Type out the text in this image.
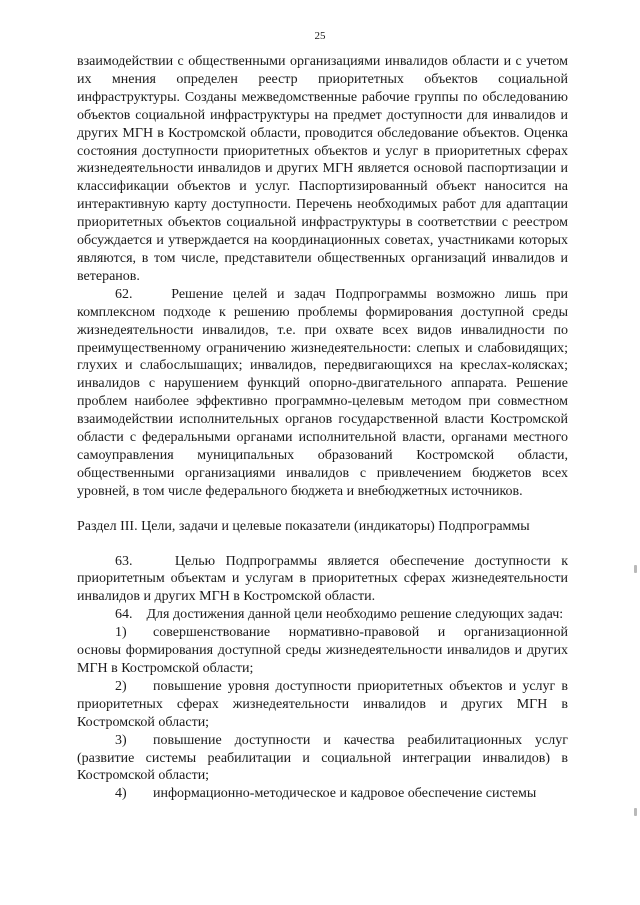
25

взаимодействии с общественными организациями инвалидов области и с учетом их мнения определен реестр приоритетных объектов социальной инфраструктуры. Созданы межведомственные рабочие группы по обследованию объектов социальной инфраструктуры на предмет доступности для инвалидов и других МГН в Костромской области, проводится обследование объектов. Оценка состояния доступности приоритетных объектов и услуг в приоритетных сферах жизнедеятельности инвалидов и других МГН является основой паспортизации и классификации объектов и услуг. Паспортизированный объект наносится на интерактивную карту доступности. Перечень необходимых работ для адаптации приоритетных объектов социальной инфраструктуры в соответствии с реестром обсуждается и утверждается на координационных советах, участниками которых являются, в том числе, представители общественных организаций инвалидов и ветеранов.

62.    Решение целей и задач Подпрограммы возможно лишь при комплексном подходе к решению проблемы формирования доступной среды жизнедеятельности инвалидов, т.е. при охвате всех видов инвалидности по преимущественному ограничению жизнедеятельности: слепых и слабовидящих; глухих и слабослышащих; инвалидов, передвигающихся на креслах-колясках; инвалидов с нарушением функций опорно-двигательного аппарата. Решение проблем наиболее эффективно программно-целевым методом при совместном взаимодействии исполнительных органов государственной власти Костромской области с федеральными органами исполнительной власти, органами местного самоуправления муниципальных образований Костромской области, общественными организациями инвалидов с привлечением бюджетов всех уровней, в том числе федерального бюджета и внебюджетных источников.

Раздел III. Цели, задачи и целевые показатели (индикаторы) Подпрограммы

63.    Целью Подпрограммы является обеспечение доступности к приоритетным объектам и услугам в приоритетных сферах жизнедеятельности инвалидов и других МГН в Костромской области.

64.    Для достижения данной цели необходимо решение следующих задач:

1) совершенствование нормативно-правовой и организационной основы формирования доступной среды жизнедеятельности инвалидов и других МГН в Костромской области;

2) повышение уровня доступности приоритетных объектов и услуг в приоритетных сферах жизнедеятельности инвалидов и других МГН в Костромской области;

3) повышение доступности и качества реабилитационных услуг (развитие системы реабилитации и социальной интеграции инвалидов) в Костромской области;

4) информационно-методическое и кадровое обеспечение системы
